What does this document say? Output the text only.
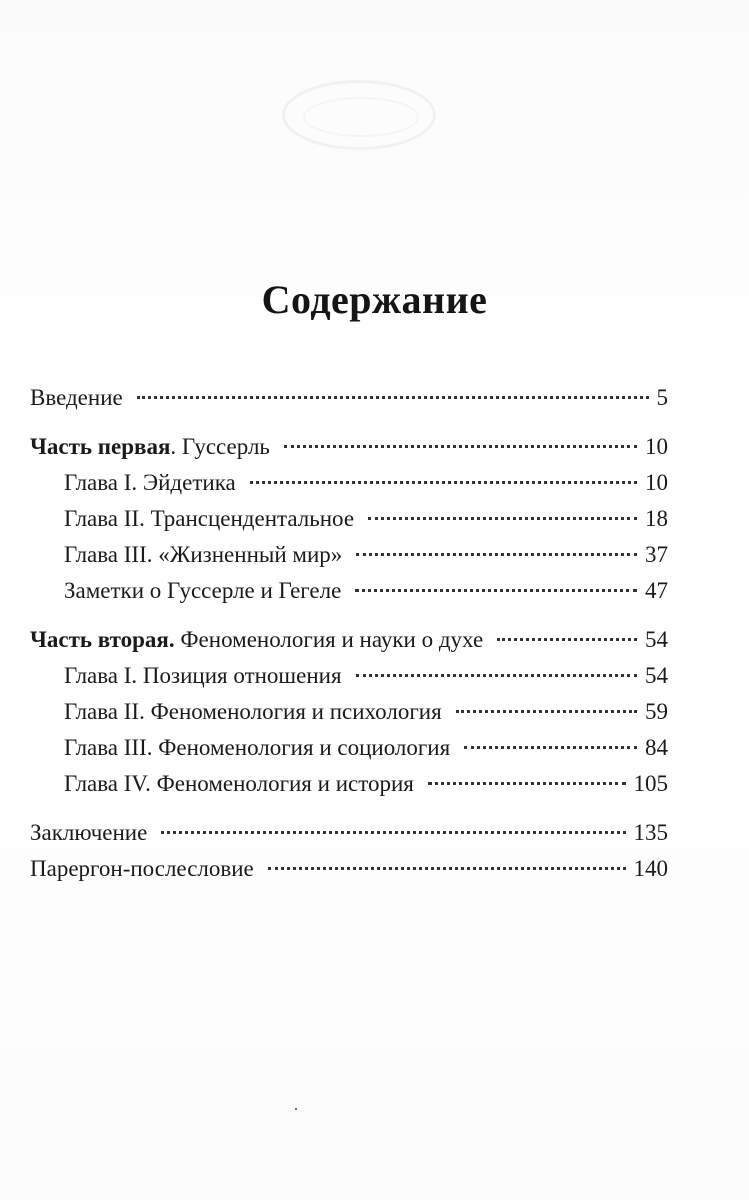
Содержание
Введение	5
Часть первая. Гуссерль	10
Глава I. Эйдетика	10
Глава II. Трансцендентальное	18
Глава III. «Жизненный мир»	37
Заметки о Гуссерле и Гегеле	47
Часть вторая. Феноменология и науки о духе	54
Глава I. Позиция отношения	54
Глава II. Феноменология и психология	59
Глава III. Феноменология и социология	84
Глава IV. Феноменология и история	105
Заключение	135
Парергон-послесловие	140
.
